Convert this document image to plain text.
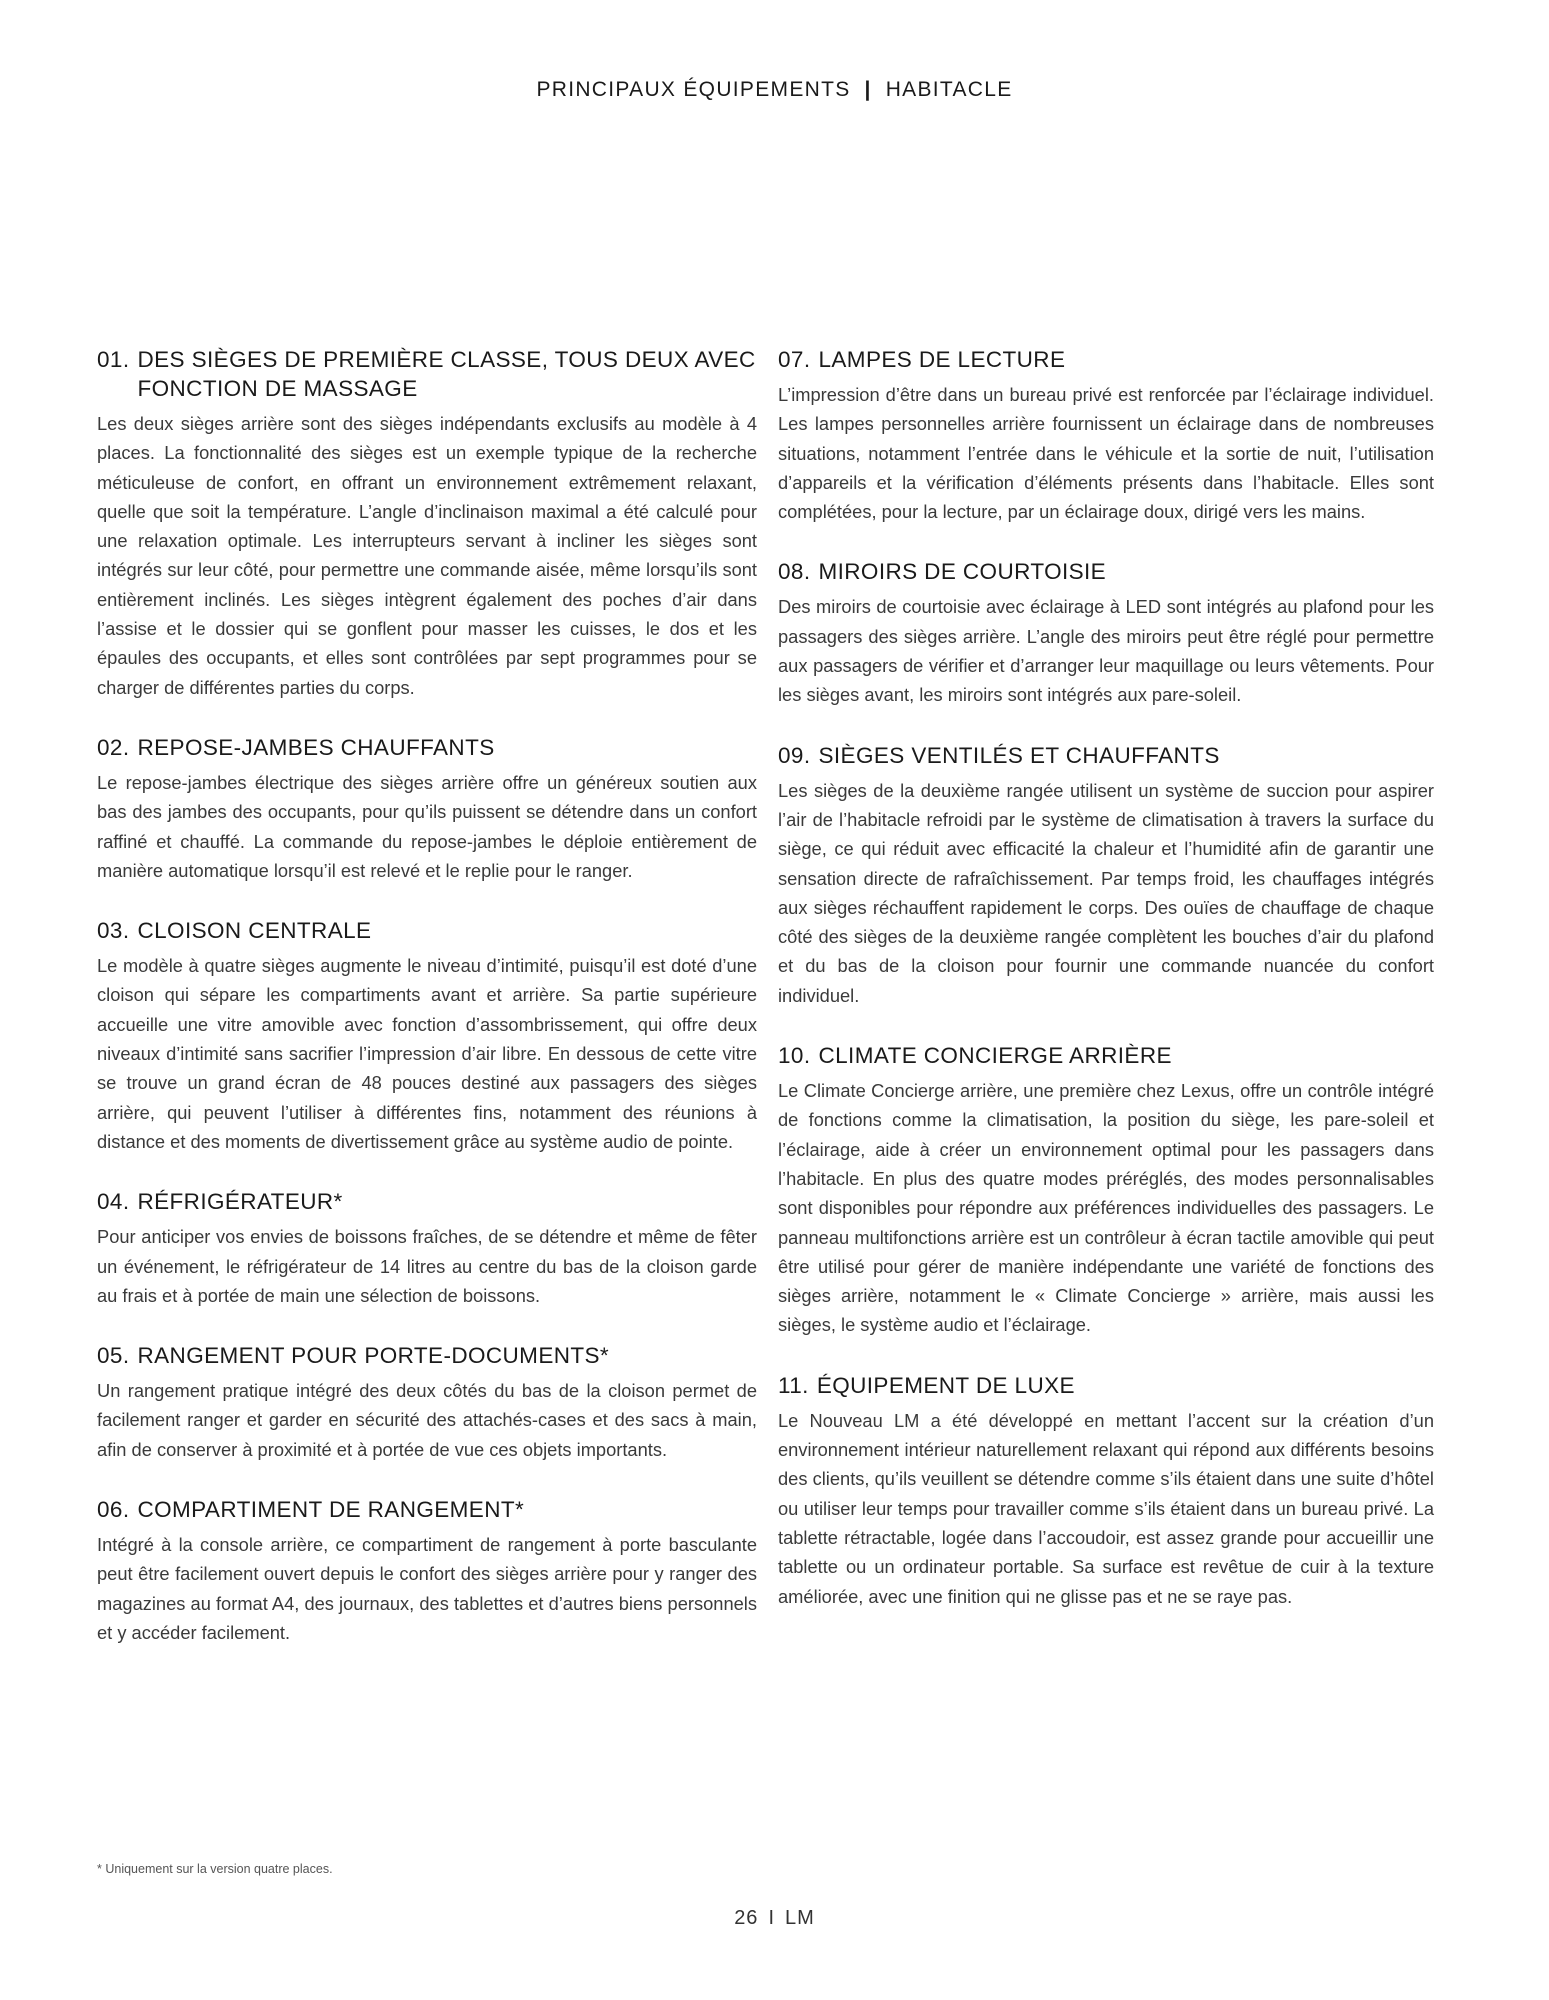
PRINCIPAUX ÉQUIPEMENTS | HABITACLE
01. DES SIÈGES DE PREMIÈRE CLASSE, TOUS DEUX AVEC FONCTION DE MASSAGE

Les deux sièges arrière sont des sièges indépendants exclusifs au modèle à 4 places. La fonctionnalité des sièges est un exemple typique de la recherche méticuleuse de confort, en offrant un environnement extrêmement relaxant, quelle que soit la température. L’angle d’inclinaison maximal a été calculé pour une relaxation optimale. Les interrupteurs servant à incliner les sièges sont intégrés sur leur côté, pour permettre une commande aisée, même lorsqu’ils sont entièrement inclinés. Les sièges intègrent également des poches d’air dans l’assise et le dossier qui se gonflent pour masser les cuisses, le dos et les épaules des occupants, et elles sont contrôlées par sept programmes pour se charger de différentes parties du corps.

02. REPOSE-JAMBES CHAUFFANTS

Le repose-jambes électrique des sièges arrière offre un généreux soutien aux bas des jambes des occupants, pour qu’ils puissent se détendre dans un confort raffiné et chauffé. La commande du repose-jambes le déploie entièrement de manière automatique lorsqu’il est relevé et le replie pour le ranger.

03. CLOISON CENTRALE

Le modèle à quatre sièges augmente le niveau d’intimité, puisqu’il est doté d’une cloison qui sépare les compartiments avant et arrière. Sa partie supérieure accueille une vitre amovible avec fonction d’assombrissement, qui offre deux niveaux d’intimité sans sacrifier l’impression d’air libre. En dessous de cette vitre se trouve un grand écran de 48 pouces destiné aux passagers des sièges arrière, qui peuvent l’utiliser à différentes fins, notamment des réunions à distance et des moments de divertissement grâce au système audio de pointe.

04. RÉFRIGÉRATEUR*

Pour anticiper vos envies de boissons fraîches, de se détendre et même de fêter un événement, le réfrigérateur de 14 litres au centre du bas de la cloison garde au frais et à portée de main une sélection de boissons.

05. RANGEMENT POUR PORTE-DOCUMENTS*

Un rangement pratique intégré des deux côtés du bas de la cloison permet de facilement ranger et garder en sécurité des attachés-cases et des sacs à main, afin de conserver à proximité et à portée de vue ces objets importants.

06. COMPARTIMENT DE RANGEMENT*

Intégré à la console arrière, ce compartiment de rangement à porte basculante peut être facilement ouvert depuis le confort des sièges arrière pour y ranger des magazines au format A4, des journaux, des tablettes et d’autres biens personnels et y accéder facilement.

07. LAMPES DE LECTURE

L’impression d’être dans un bureau privé est renforcée par l’éclairage individuel. Les lampes personnelles arrière fournissent un éclairage dans de nombreuses situations, notamment l’entrée dans le véhicule et la sortie de nuit, l’utilisation d’appareils et la vérification d’éléments présents dans l’habitacle. Elles sont complétées, pour la lecture, par un éclairage doux, dirigé vers les mains.

08. MIROIRS DE COURTOISIE

Des miroirs de courtoisie avec éclairage à LED sont intégrés au plafond pour les passagers des sièges arrière. L’angle des miroirs peut être réglé pour permettre aux passagers de vérifier et d’arranger leur maquillage ou leurs vêtements. Pour les sièges avant, les miroirs sont intégrés aux pare-soleil.

09. SIÈGES VENTILÉS ET CHAUFFANTS

Les sièges de la deuxième rangée utilisent un système de succion pour aspirer l’air de l’habitacle refroidi par le système de climatisation à travers la surface du siège, ce qui réduit avec efficacité la chaleur et l’humidité afin de garantir une sensation directe de rafraîchissement. Par temps froid, les chauffages intégrés aux sièges réchauffent rapidement le corps. Des ouïes de chauffage de chaque côté des sièges de la deuxième rangée complètent les bouches d’air du plafond et du bas de la cloison pour fournir une commande nuancée du confort individuel.

10. CLIMATE CONCIERGE ARRIÈRE

Le Climate Concierge arrière, une première chez Lexus, offre un contrôle intégré de fonctions comme la climatisation, la position du siège, les pare-soleil et l’éclairage, aide à créer un environnement optimal pour les passagers dans l’habitacle. En plus des quatre modes préréglés, des modes personnalisables sont disponibles pour répondre aux préférences individuelles des passagers. Le panneau multifonctions arrière est un contrôleur à écran tactile amovible qui peut être utilisé pour gérer de manière indépendante une variété de fonctions des sièges arrière, notamment le « Climate Concierge » arrière, mais aussi les sièges, le système audio et l’éclairage.

11. ÉQUIPEMENT DE LUXE

Le Nouveau LM a été développé en mettant l’accent sur la création d’un environnement intérieur naturellement relaxant qui répond aux différents besoins des clients, qu’ils veuillent se détendre comme s’ils étaient dans une suite d’hôtel ou utiliser leur temps pour travailler comme s’ils étaient dans un bureau privé. La tablette rétractable, logée dans l’accoudoir, est assez grande pour accueillir une tablette ou un ordinateur portable. Sa surface est revêtue de cuir à la texture améliorée, avec une finition qui ne glisse pas et ne se raye pas.

* Uniquement sur la version quatre places.
26 I LM
